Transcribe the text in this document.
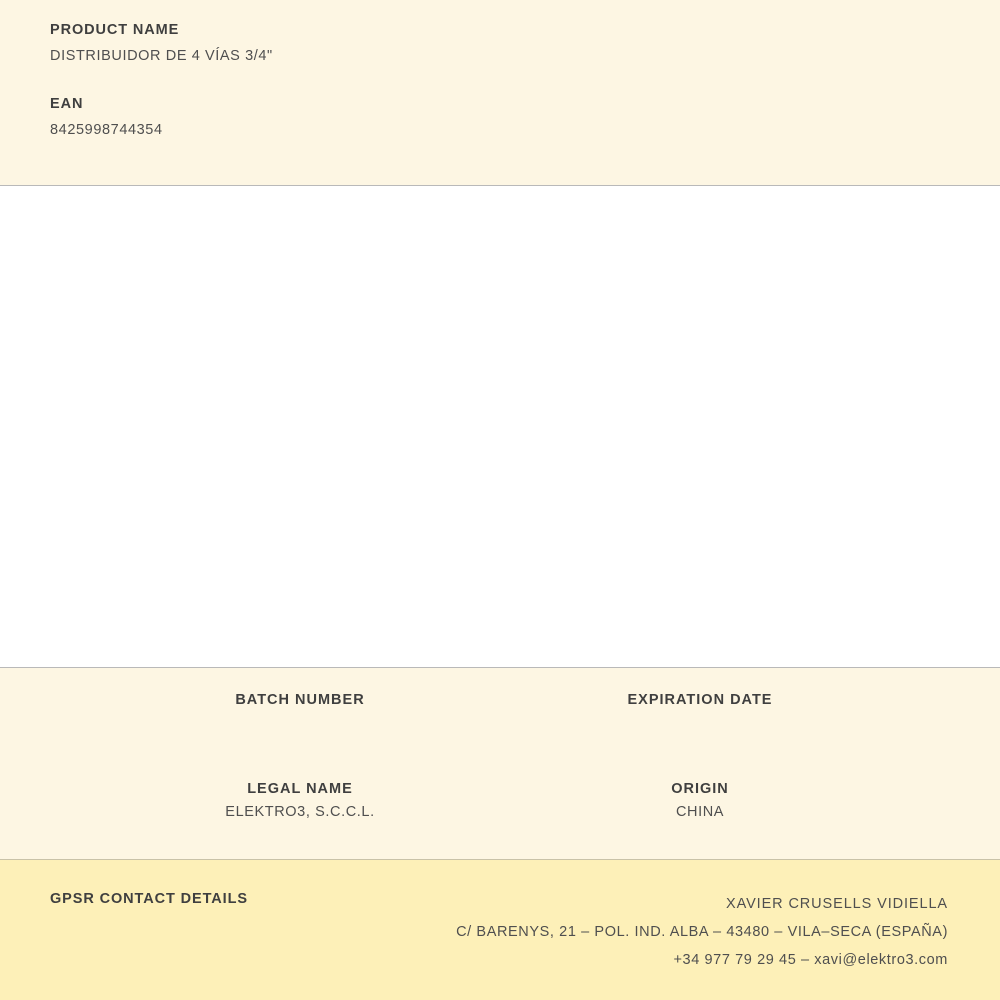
PRODUCT NAME

DISTRIBUIDOR DE 4 VÍAS 3/4"

EAN

8425998744354

BATCH NUMBER	EXPIRATION DATE

LEGAL NAME

ELEKTRO3, S.C.C.L.

ORIGIN

CHINA

GPSR CONTACT DETAILS	XAVIER CRUSELLS VIDIELLA
C/ BARENYS, 21 – POL. IND. ALBA – 43480 – VILA–SECA (ESPAÑA)
+34 977 79 29 45 – xavi@elektro3.com
